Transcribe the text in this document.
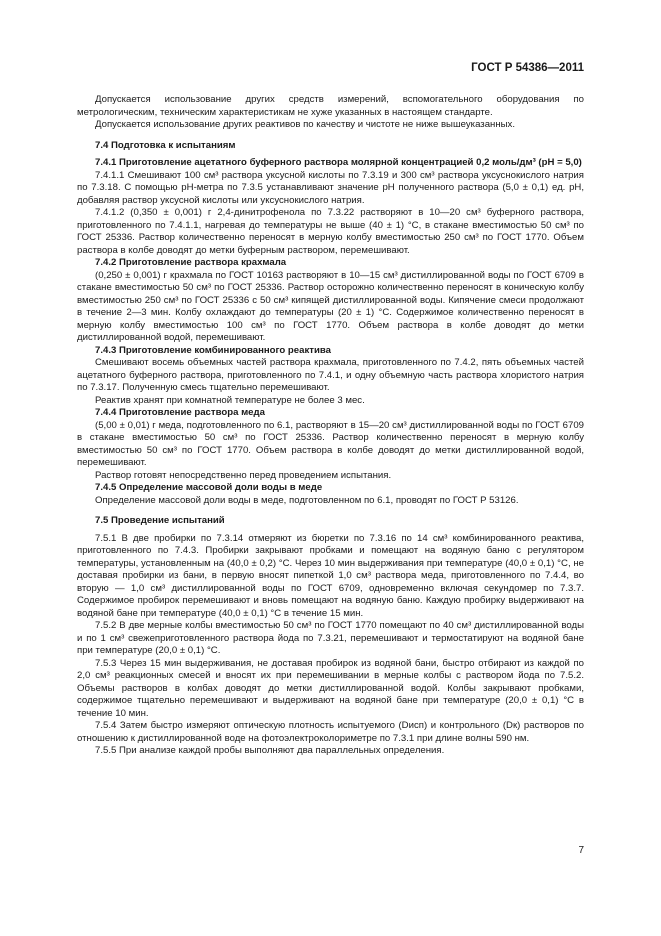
ГОСТ Р 54386—2011

Допускается использование других средств измерений, вспомогательного оборудования по метрологическим, техническим характеристикам не хуже указанных в настоящем стандарте.

Допускается использование других реактивов по качеству и чистоте не ниже вышеуказанных.

7.4 Подготовка к испытаниям

7.4.1 Приготовление ацетатного буферного раствора молярной концентрацией 0,2 моль/дм³ (рН = 5,0)

7.4.1.1 Смешивают 100 см³ раствора уксусной кислоты по 7.3.19 и 300 см³ раствора уксуснокислого натрия по 7.3.18. С помощью рН-метра по 7.3.5 устанавливают значение рН полученного раствора (5,0 ± 0,1) ед. рН, добавляя раствор уксусной кислоты или уксуснокислого натрия.

7.4.1.2 (0,350 ± 0,001) г 2,4-динитрофенола по 7.3.22 растворяют в 10—20 см³ буферного раствора, приготовленного по 7.4.1.1, нагревая до температуры не выше (40 ± 1) °С, в стакане вместимостью 50 см³ по ГОСТ 25336. Раствор количественно переносят в мерную колбу вместимостью 250 см³ по ГОСТ 1770. Объем раствора в колбе доводят до метки буферным раствором, перемешивают.

7.4.2 Приготовление раствора крахмала

(0,250 ± 0,001) г крахмала по ГОСТ 10163 растворяют в 10—15 см³ дистиллированной воды по ГОСТ 6709 в стакане вместимостью 50 см³ по ГОСТ 25336. Раствор осторожно количественно переносят в коническую колбу вместимостью 250 см³ по ГОСТ 25336 с 50 см³ кипящей дистиллированной воды. Кипячение смеси продолжают в течение 2—3 мин. Колбу охлаждают до температуры (20 ± 1) °С. Содержимое количественно переносят в мерную колбу вместимостью 100 см³ по ГОСТ 1770. Объем раствора в колбе доводят до метки дистиллированной водой, перемешивают.

7.4.3 Приготовление комбинированного реактива

Смешивают восемь объемных частей раствора крахмала, приготовленного по 7.4.2, пять объемных частей ацетатного буферного раствора, приготовленного по 7.4.1, и одну объемную часть раствора хлористого натрия по 7.3.17. Полученную смесь тщательно перемешивают.

Реактив хранят при комнатной температуре не более 3 мес.

7.4.4 Приготовление раствора меда

(5,00 ± 0,01) г меда, подготовленного по 6.1, растворяют в 15—20 см³ дистиллированной воды по ГОСТ 6709 в стакане вместимостью 50 см³ по ГОСТ 25336. Раствор количественно переносят в мерную колбу вместимостью 50 см³ по ГОСТ 1770. Объем раствора в колбе доводят до метки дистиллированной водой, перемешивают.

Раствор готовят непосредственно перед проведением испытания.

7.4.5 Определение массовой доли воды в меде

Определение массовой доли воды в меде, подготовленном по 6.1, проводят по ГОСТ Р 53126.

7.5 Проведение испытаний

7.5.1 В две пробирки по 7.3.14 отмеряют из бюретки по 7.3.16 по 14 см³ комбинированного реактива, приготовленного по 7.4.3. Пробирки закрывают пробками и помещают на водяную баню с регулятором температуры, установленным на (40,0 ± 0,2) °С. Через 10 мин выдерживания при температуре (40,0 ± 0,1) °С, не доставая пробирки из бани, в первую вносят пипеткой 1,0 см³ раствора меда, приготовленного по 7.4.4, во вторую — 1,0 см³ дистиллированной воды по ГОСТ 6709, одновременно включая секундомер по 7.3.7. Содержимое пробирок перемешивают и вновь помещают на водяную баню. Каждую пробирку выдерживают на водяной бане при температуре (40,0 ± 0,1) °С в течение 15 мин.

7.5.2 В две мерные колбы вместимостью 50 см³ по ГОСТ 1770 помещают по 40 см³ дистиллированной воды и по 1 см³ свежеприготовленного раствора йода по 7.3.21, перемешивают и термостатируют на водяной бане при температуре (20,0 ± 0,1) °С.

7.5.3 Через 15 мин выдерживания, не доставая пробирок из водяной бани, быстро отбирают из каждой по 2,0 см³ реакционных смесей и вносят их при перемешивании в мерные колбы с раствором йода по 7.5.2. Объемы растворов в колбах доводят до метки дистиллированной водой. Колбы закрывают пробками, содержимое тщательно перемешивают и выдерживают на водяной бане при температуре (20,0 ± 0,1) °С в течение 10 мин.

7.5.4 Затем быстро измеряют оптическую плотность испытуемого (Dисп) и контрольного (Dк) растворов по отношению к дистиллированной воде на фотоэлектроколориметре по 7.3.1 при длине волны 590 нм.

7.5.5 При анализе каждой пробы выполняют два параллельных определения.

7
